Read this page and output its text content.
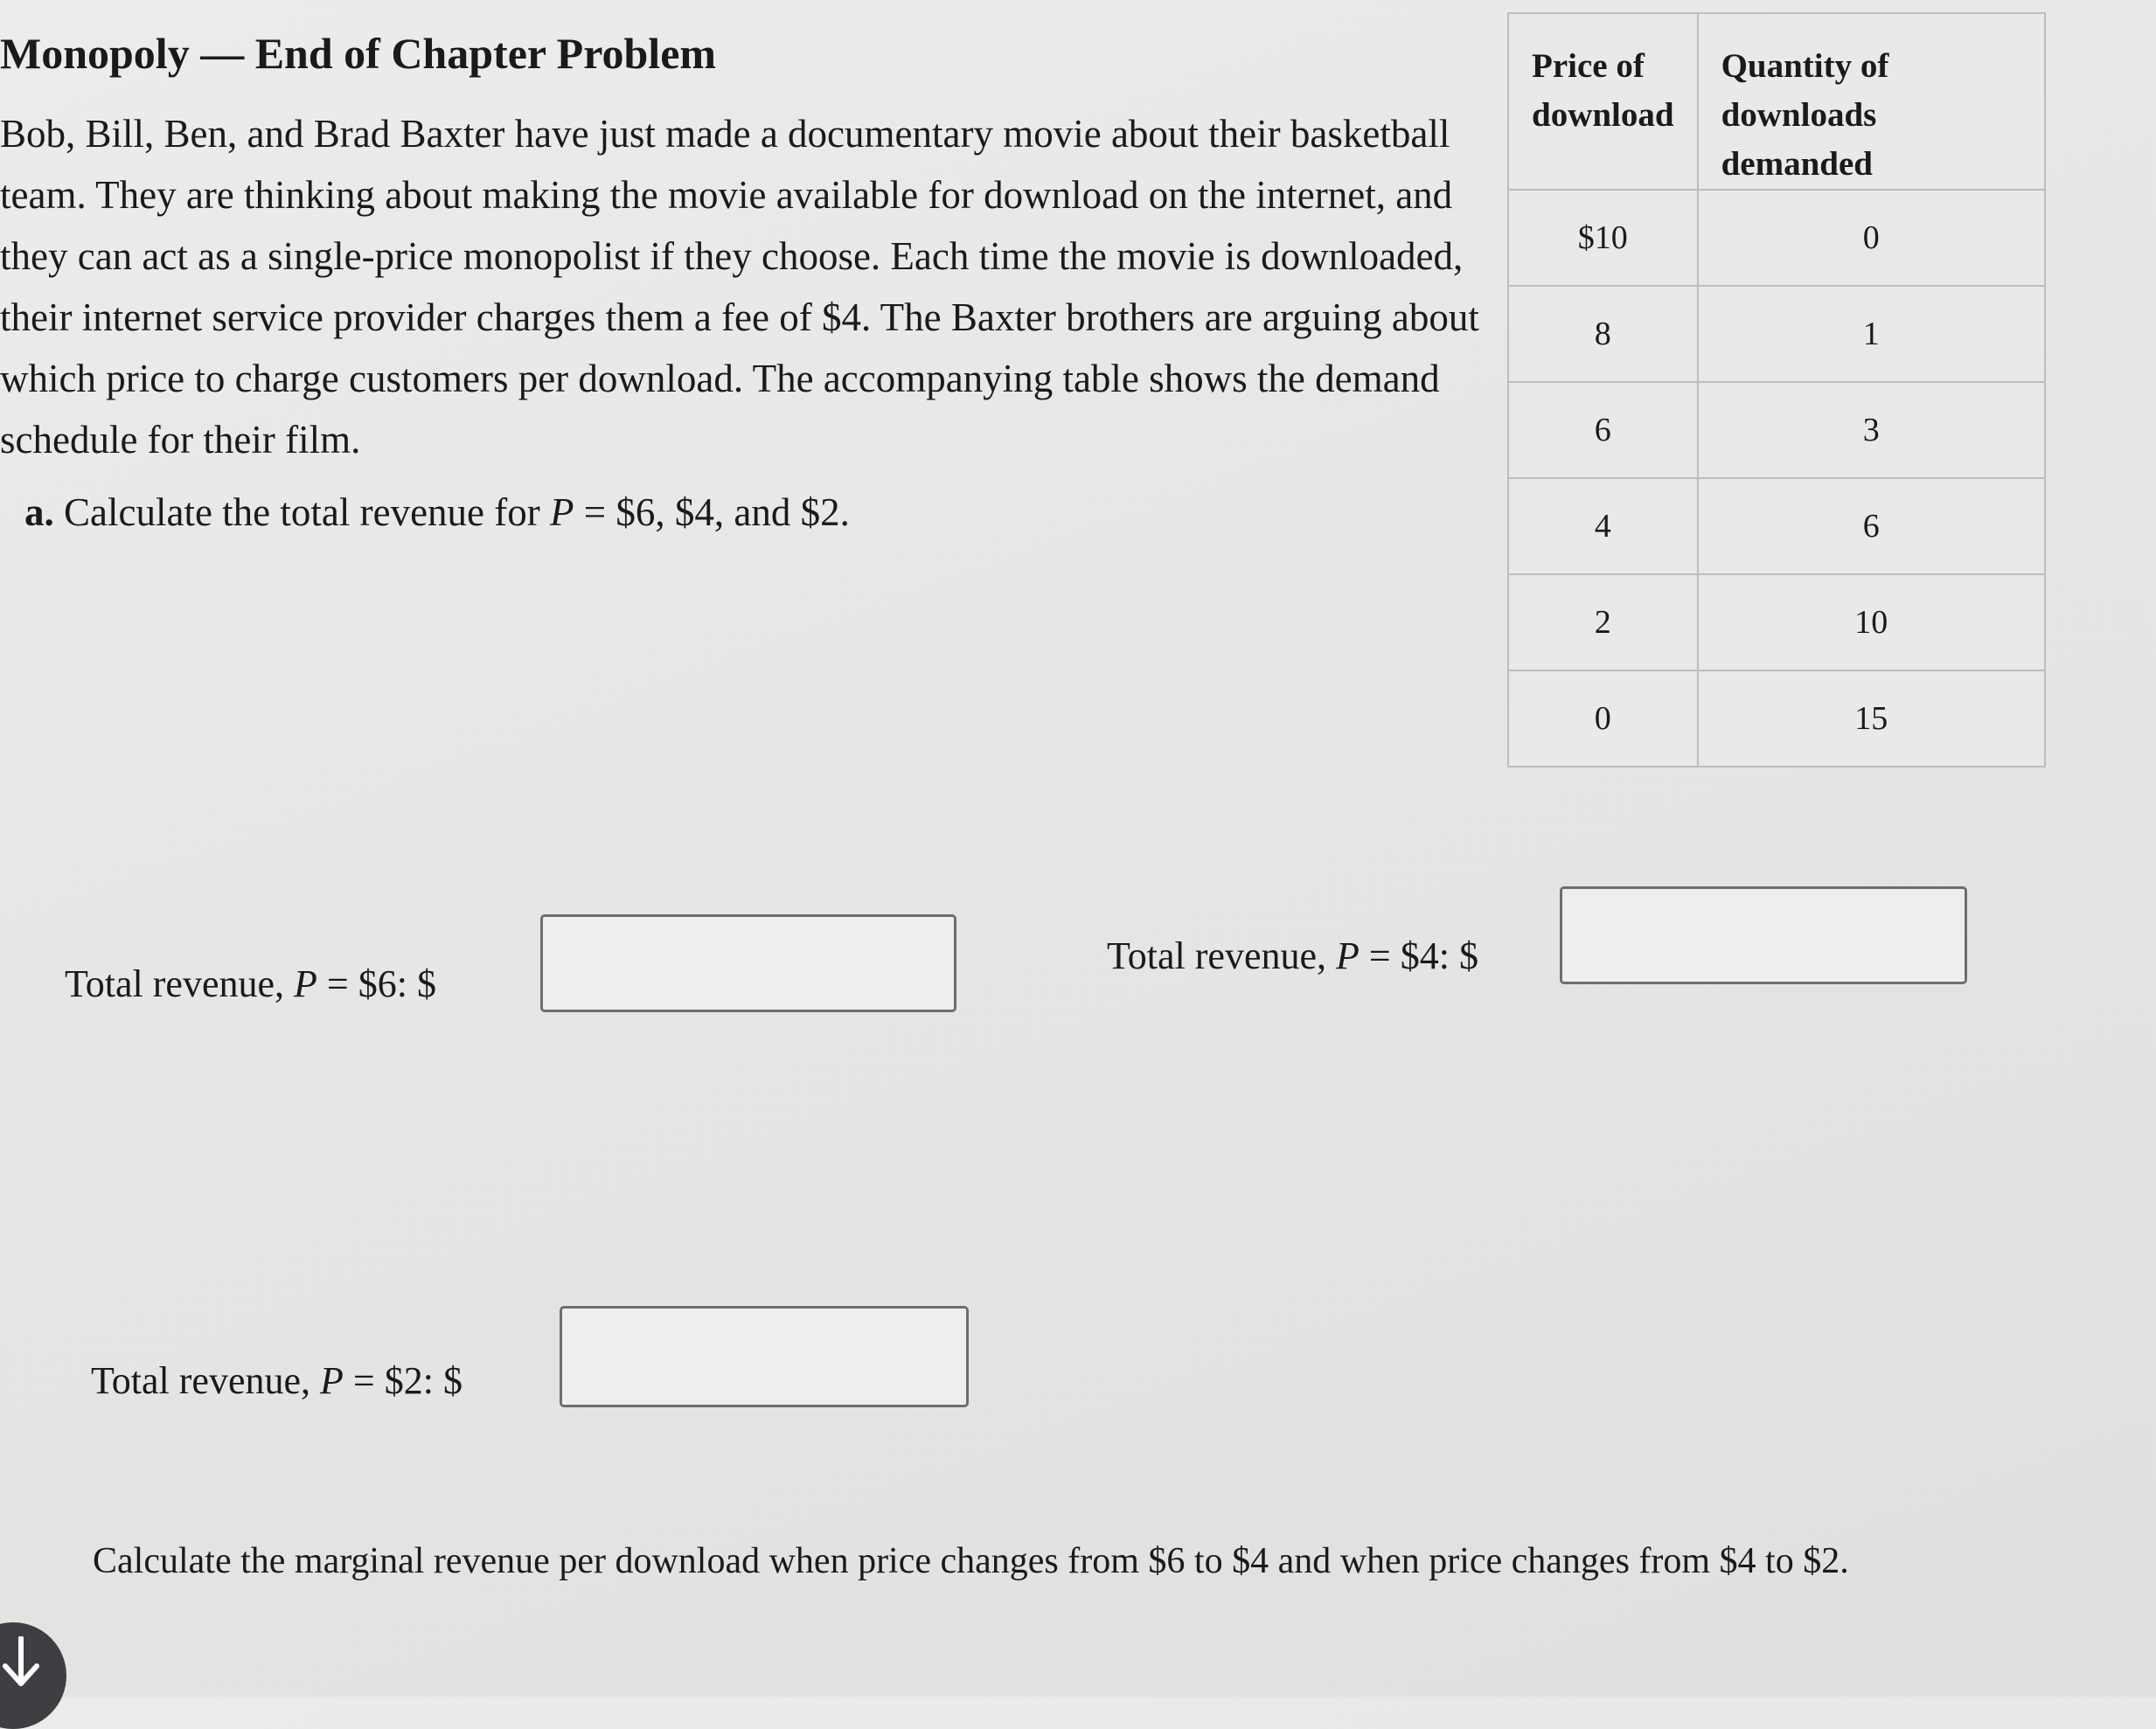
Monopoly — End of Chapter Problem
Bob, Bill, Ben, and Brad Baxter have just made a documentary movie about their basketball team. They are thinking about making the movie available for download on the internet, and they can act as a single-price monopolist if they choose. Each time the movie is downloaded, their internet service provider charges them a fee of $4. The Baxter brothers are arguing about which price to charge customers per download. The accompanying table shows the demand schedule for their film.
a. Calculate the total revenue for P = $6, $4, and $2.
Price of download	Quantity of downloads demanded
$10	0
8	1
6	3
4	6
2	10
0	15
Total revenue, P = $6: $
Total revenue, P = $4: $
Total revenue, P = $2: $
Calculate the marginal revenue per download when price changes from $6 to $4 and when price changes from $4 to $2.
